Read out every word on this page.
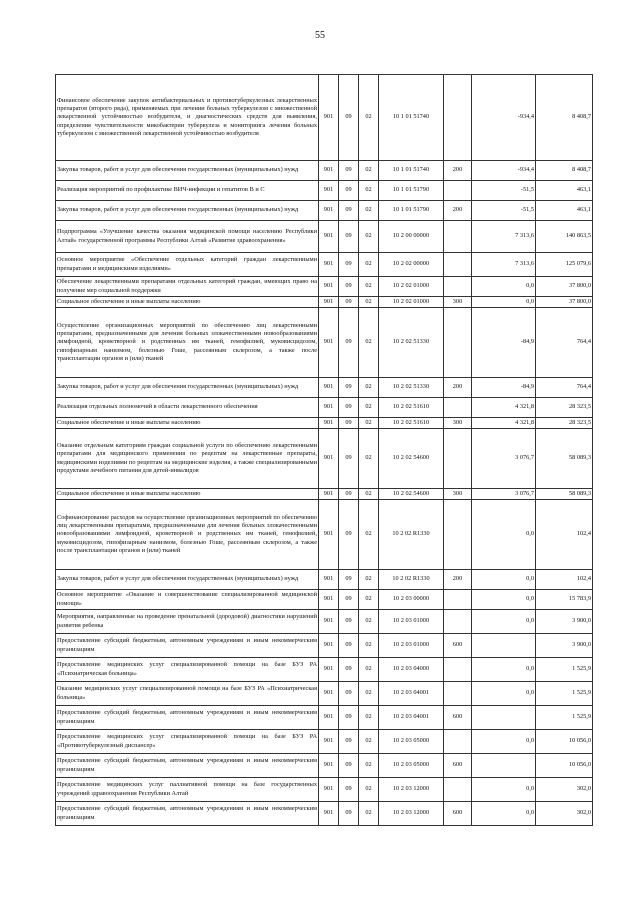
55
Финансовое обеспечение закупок антибактериальных и противотуберкулезных лекарственных препаратов (второго ряда), применяемых при лечении больных туберкулезом с множественной лекарственной устойчивостью возбудителя, и диагностических средств для выявления, определения чувствительности микобактерии туберкулеза и мониторинга лечения больных туберкулезом с множественной лекарственной устойчивостью возбудителя	901	09	02	10 1 01 51740		-934,4	8 408,7
Закупка товаров, работ и услуг для обеспечения государственных (муниципальных) нужд	901	09	02	10 1 01 51740	200	-934,4	8 408,7
Реализация мероприятий по профилактике ВИЧ-инфекции и гепатитов В и С	901	09	02	10 1 01 51790		-51,5	463,1
Закупка товаров, работ и услуг для обеспечения государственных (муниципальных) нужд	901	09	02	10 1 01 51790	200	-51,5	463,1
Подпрограмма «Улучшение качества оказания медицинской помощи населению Республики Алтай» государственной программы Республики Алтай «Развитие здравоохранения»	901	09	02	10 2 00 00000		7 313,6	140 863,5
Основное мероприятие «Обеспечение отдельных категорий граждан лекарственными препаратами и медицинскими изделиями»	901	09	02	10 2 02 00000		7 313,6	125 079,6
Обеспечение лекарственными препаратами отдельных категорий граждан, имеющих право на получение мер социальной поддержки	901	09	02	10 2 02 01000		0,0	37 800,0
Социальное обеспечение и иные выплаты населению	901	09	02	10 2 02 01000	300	0,0	37 800,0
Осуществление организационных мероприятий по обеспечению лиц лекарственными препаратами, предназначенными для лечения больных злокачественными новообразованиями лимфоидной, кроветворной и родственных им тканей, гемофилией, муковисцидозом, гипофизарным нанизмом, болезнью Гоше, рассеянным склерозом, а также после трансплантации органов и (или) тканей	901	09	02	10 2 02 51330		-84,9	764,4
Закупка товаров, работ и услуг для обеспечения государственных (муниципальных) нужд	901	09	02	10 2 02 51330	200	-84,9	764,4
Реализация отдельных полномочий в области лекарственного обеспечения	901	09	02	10 2 02 51610		4 321,8	28 323,5
Социальное обеспечение и иные выплаты населению	901	09	02	10 2 02 51610	300	4 321,8	28 323,5
Оказание отдельным категориям граждан социальной услуги по обеспечению лекарственными препаратами для медицинского применения по рецептам на лекарственные препараты, медицинскими изделиями по рецептам на медицинские изделия, а также специализированными продуктами лечебного питания для детей-инвалидов	901	09	02	10 2 02 54600		3 076,7	58 089,3
Социальное обеспечение и иные выплаты населению	901	09	02	10 2 02 54600	300	3 076,7	58 089,3
Софинансирование расходов на осуществление организационных мероприятий по обеспечению лиц лекарственными препаратами, предназначенными для лечения больных злокачественными новообразованиями лимфоидной, кроветворной и родственных им тканей, гемофилией, муковисцидозом, гипофизарным нанизмом, болезнью Гоше, рассеянным склерозом, а также после трансплантации органов и (или) тканей	901	09	02	10 2 02 R1330		0,0	102,4
Закупка товаров, работ и услуг для обеспечения государственных (муниципальных) нужд	901	09	02	10 2 02 R1330	200	0,0	102,4
Основное мероприятие «Оказание и совершенствование специализированной медицинской помощи»	901	09	02	10 2 03 00000		0,0	15 783,9
Мероприятия, направленные на проведение пренатальной (дородовой) диагностики нарушений развития ребенка	901	09	02	10 2 03 01000		0,0	3 900,0
Предоставление субсидий бюджетным, автономным учреждениям и иным некоммерческим организациям	901	09	02	10 2 03 01000	600		3 900,0
Предоставление медицинских услуг специализированной помощи на базе БУЗ РА «Психиатрическая больница»	901	09	02	10 2 03 04000		0,0	1 525,9
Оказание медицинских услуг специализированной помощи на базе БУЗ РА «Психиатрическая больница»	901	09	02	10 2 03 04001		0,0	1 525,9
Предоставление субсидий бюджетным, автономным учреждениям и иным некоммерческим организациям	901	09	02	10 2 03 04001	600		1 525,9
Предоставление медицинских услуг специализированной помощи на базе БУЗ РА «Противотуберкулезный диспансер»	901	09	02	10 2 03 05000		0,0	10 056,0
Предоставление субсидий бюджетным, автономным учреждениям и иным некоммерческим организациям	901	09	02	10 2 03 05000	600		10 056,0
Предоставление медицинских услуг паллиативной помощи на базе государственных учреждений здравоохранения Республики Алтай	901	09	02	10 2 03 12000		0,0	302,0
Предоставление субсидий бюджетным, автономным учреждениям и иным некоммерческим организациям	901	09	02	10 2 03 12000	600	0,0	302,0
